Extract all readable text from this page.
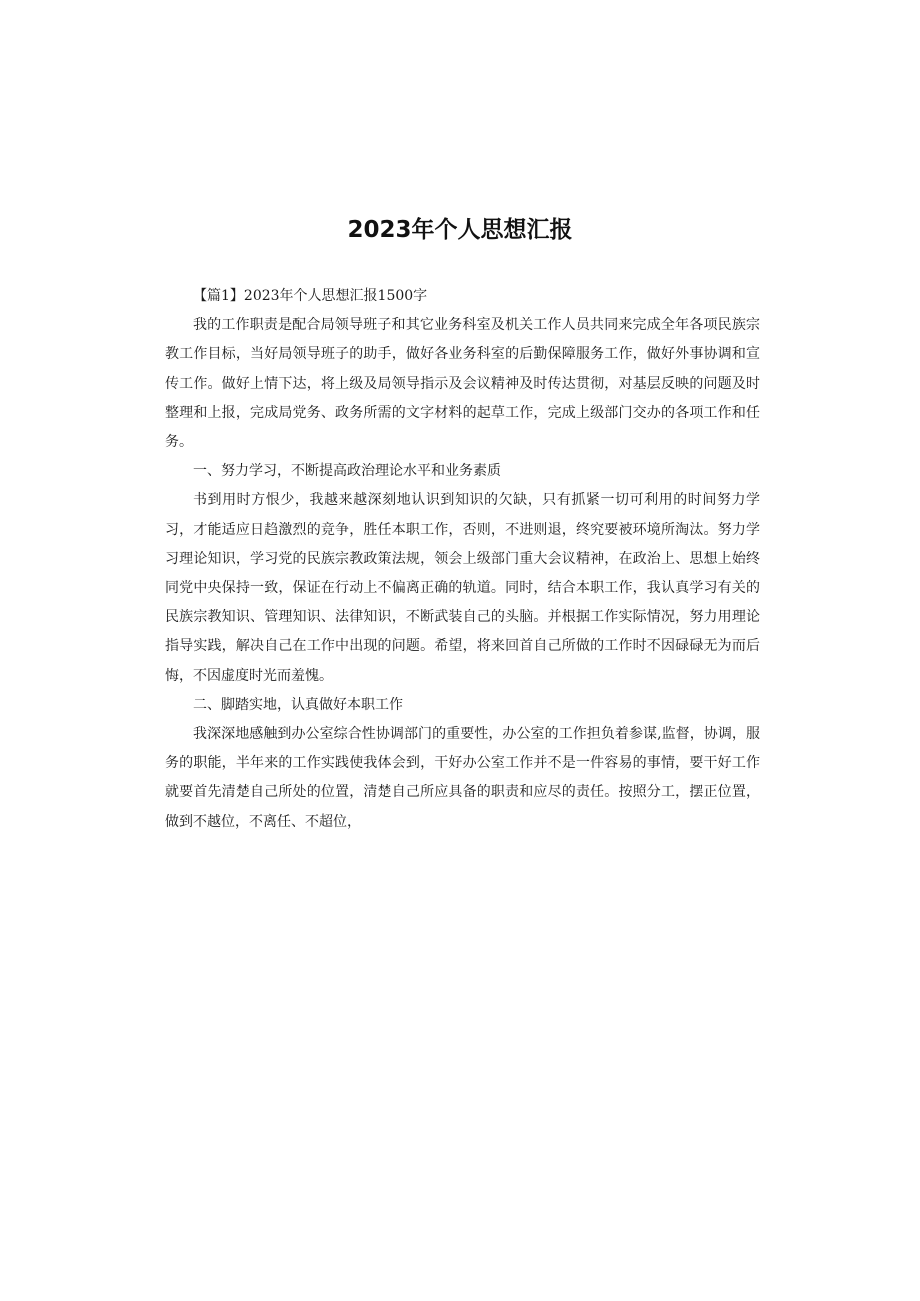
2023年个人思想汇报

【篇1】2023年个人思想汇报1500字

我的工作职责是配合局领导班子和其它业务科室及机关工作人员共同来完成全年各项民族宗教工作目标，当好局领导班子的助手，做好各业务科室的后勤保障服务工作，做好外事协调和宣传工作。做好上情下达，将上级及局领导指示及会议精神及时传达贯彻，对基层反映的问题及时整理和上报，完成局党务、政务所需的文字材料的起草工作，完成上级部门交办的各项工作和任务。

一、努力学习，不断提高政治理论水平和业务素质

书到用时方恨少，我越来越深刻地认识到知识的欠缺，只有抓紧一切可利用的时间努力学习，才能适应日趋激烈的竞争，胜任本职工作，否则，不进则退，终究要被环境所淘汰。努力学习理论知识，学习党的民族宗教政策法规，领会上级部门重大会议精神，在政治上、思想上始终同党中央保持一致，保证在行动上不偏离正确的轨道。同时，结合本职工作，我认真学习有关的民族宗教知识、管理知识、法律知识，不断武装自己的头脑。并根据工作实际情况，努力用理论指导实践，解决自己在工作中出现的问题。希望，将来回首自己所做的工作时不因碌碌无为而后悔，不因虚度时光而羞愧。

二、脚踏实地，认真做好本职工作

我深深地感触到办公室综合性协调部门的重要性，办公室的工作担负着参谋,监督，协调，服务的职能，半年来的工作实践使我体会到，干好办公室工作并不是一件容易的事情，要干好工作就要首先清楚自己所处的位置，清楚自己所应具备的职责和应尽的责任。按照分工，摆正位置，做到不越位，不离任、不超位，
